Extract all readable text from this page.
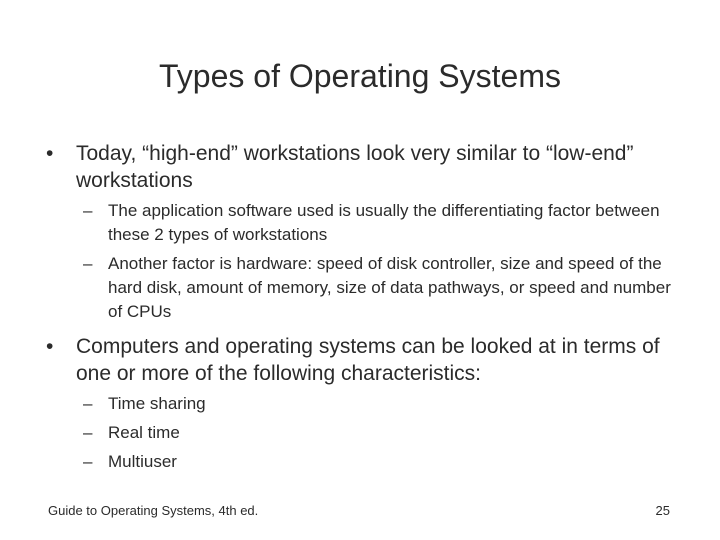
Types of Operating Systems
•	Today, “high-end” workstations look very similar to “low-end” workstations
– The application software used is usually the differentiating factor between these 2 types of workstations
– Another factor is hardware: speed of disk controller, size and speed of the hard disk, amount of memory, size of data pathways, or speed and number of CPUs
•	Computers and operating systems can be looked at in terms of one or more of the following characteristics:
– Time sharing
– Real time
– Multiuser
Guide to Operating Systems, 4th ed.	25
